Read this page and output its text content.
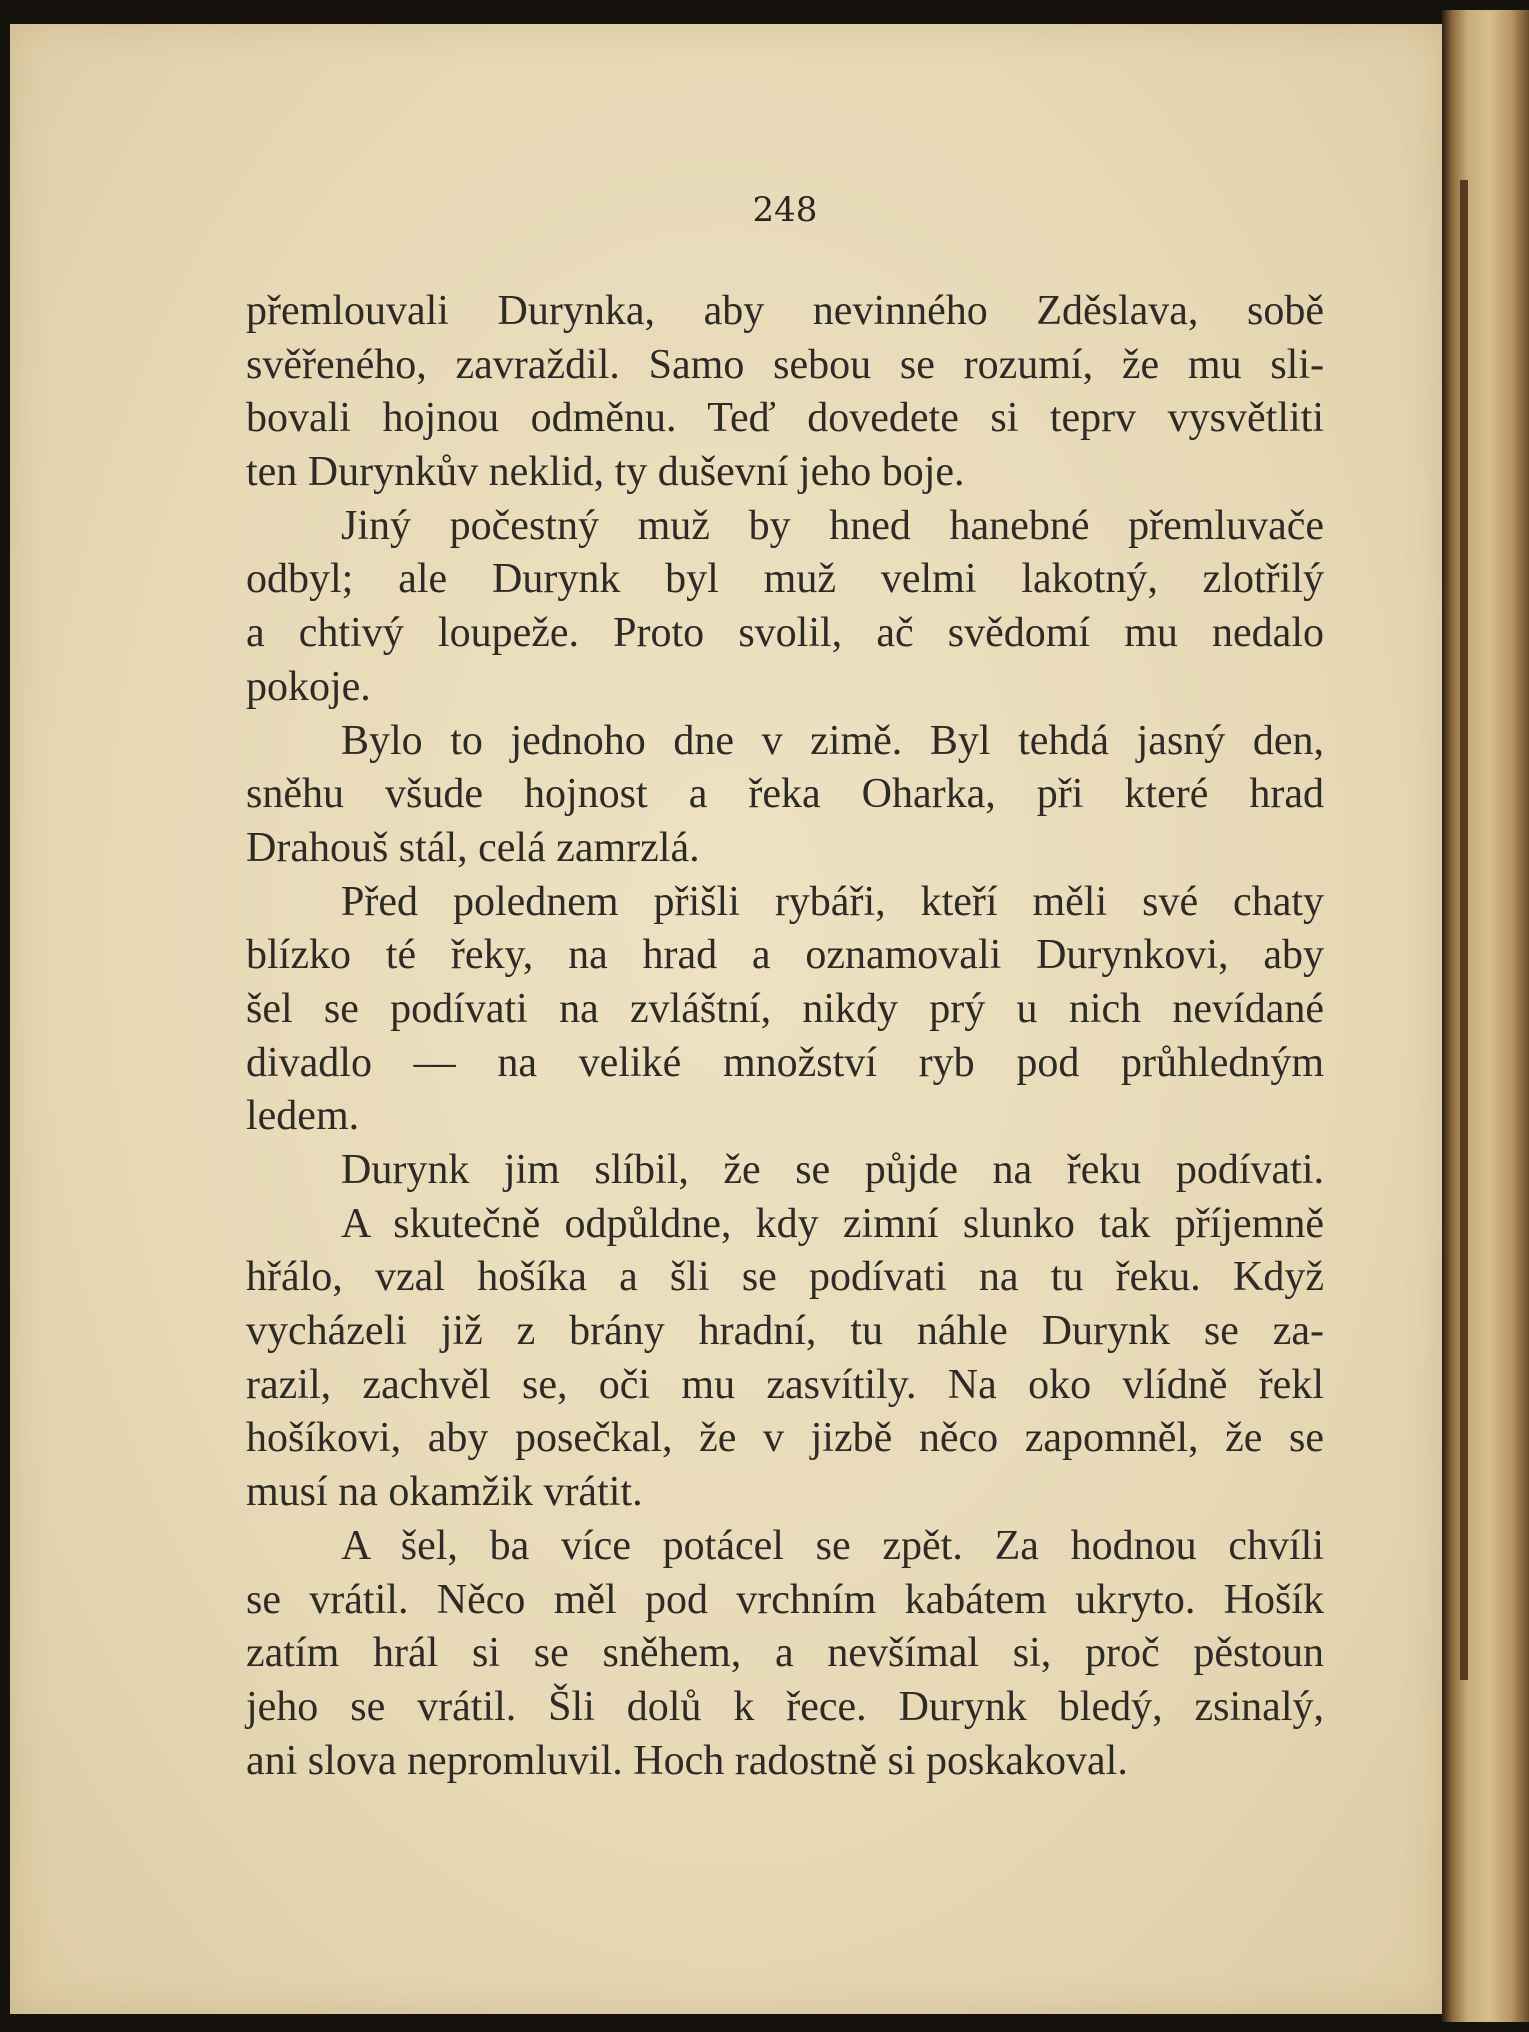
248
přemlouvali Durynka, aby nevinného Zděslava, sobě
svěřeného, zavraždil. Samo sebou se rozumí, že mu sli-
bovali hojnou odměnu. Teď dovedete si teprv vysvětliti
ten Durynkův neklid, ty duševní jeho boje.
Jiný počestný muž by hned hanebné přemluvače
odbyl; ale Durynk byl muž velmi lakotný, zlotřilý
a chtivý loupeže. Proto svolil, ač svědomí mu nedalo
pokoje.
Bylo to jednoho dne v zimě. Byl tehdá jasný den,
sněhu všude hojnost a řeka Oharka, při které hrad
Drahouš stál, celá zamrzlá.
Před polednem přišli rybáři, kteří měli své chaty
blízko té řeky, na hrad a oznamovali Durynkovi, aby
šel se podívati na zvláštní, nikdy prý u nich nevídané
divadlo — na veliké množství ryb pod průhledným
ledem.
Durynk jim slíbil, že se půjde na řeku podívati.
A skutečně odpůldne, kdy zimní slunko tak příjemně
hřálo, vzal hošíka a šli se podívati na tu řeku. Když
vycházeli již z brány hradní, tu náhle Durynk se za-
razil, zachvěl se, oči mu zasvítily. Na oko vlídně řekl
hošíkovi, aby posečkal, že v jizbě něco zapomněl, že se
musí na okamžik vrátit.
A šel, ba více potácel se zpět. Za hodnou chvíli
se vrátil. Něco měl pod vrchním kabátem ukryto. Hošík
zatím hrál si se sněhem, a nevšímal si, proč pěstoun
jeho se vrátil. Šli dolů k řece. Durynk bledý, zsinalý,
ani slova nepromluvil. Hoch radostně si poskakoval.
